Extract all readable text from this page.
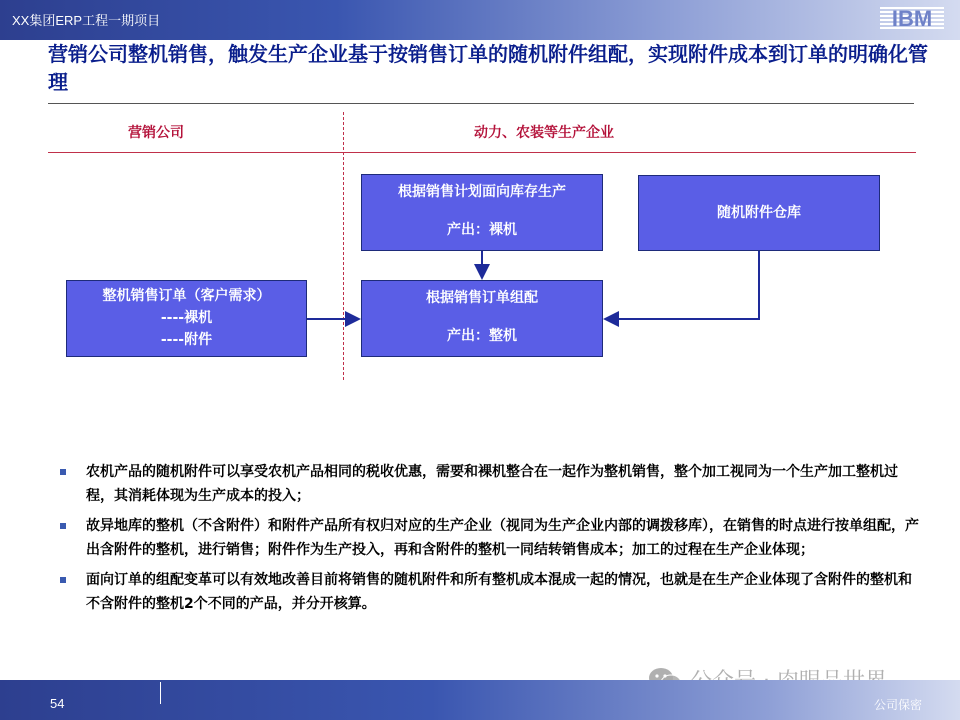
XX集团ERP工程一期项目	IBM
营销公司整机销售，触发生产企业基于按销售订单的随机附件组配，实现附件成本到订单的明确化管理
营销公司	动力、农装等生产企业
根据销售计划面向库存生产
产出：裸机
随机附件仓库
整机销售订单（客户需求）
----裸机
----附件
根据销售订单组配
产出：整机
农机产品的随机附件可以享受农机产品相同的税收优惠，需要和裸机整合在一起作为整机销售，整个加工视同为一个生产加工整机过程，其消耗体现为生产成本的投入；
故异地库的整机（不含附件）和附件产品所有权归对应的生产企业（视同为生产企业内部的调拨移库），在销售的时点进行按单组配，产出含附件的整机，进行销售；附件作为生产投入，再和含附件的整机一同结转销售成本；加工的过程在生产企业体现；
面向订单的组配变革可以有效地改善目前将销售的随机附件和所有整机成本混成一起的情况，也就是在生产企业体现了含附件的整机和不含附件的整机2个不同的产品，并分开核算。
54	公司保密
